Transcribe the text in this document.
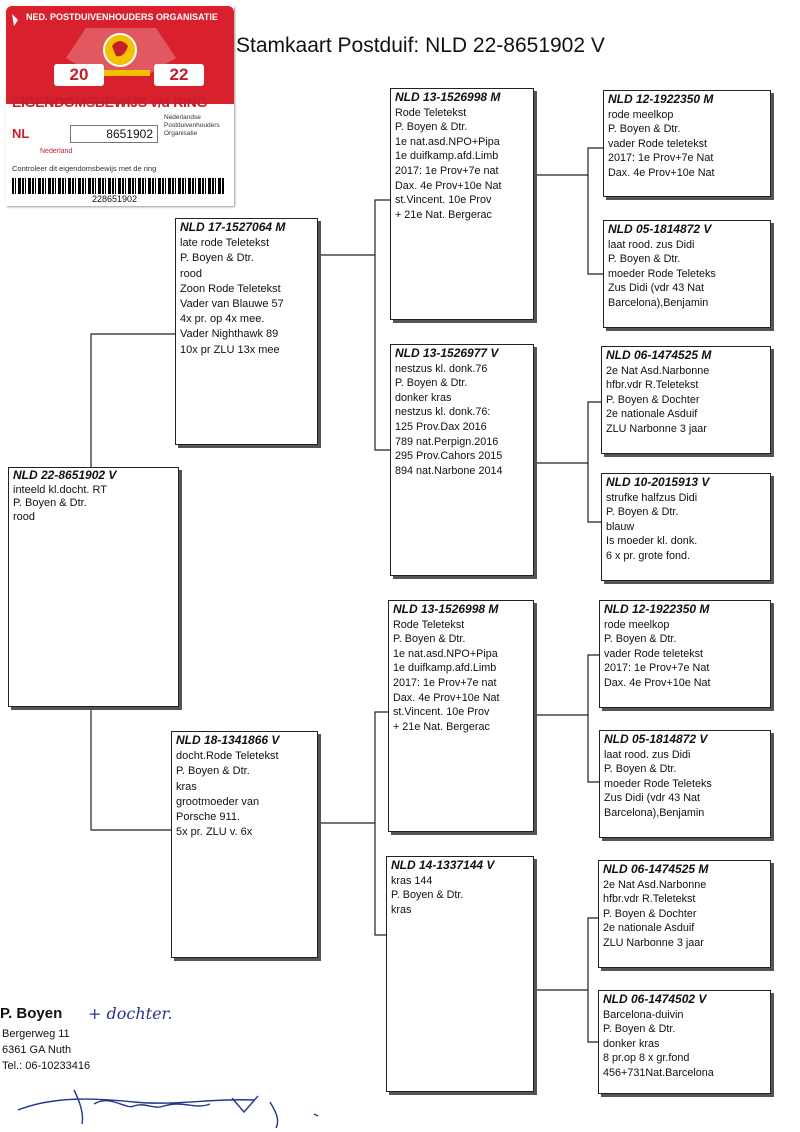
Stamkaart Postduif: NLD 22-8651902 V
NED. POSTDUIVENHOUDERS ORGANISATIE
20	22
EIGENDOMSBEWIJS v/d RING
NL	8651902
Nederland
Nederlandse
Postduivenhouders
Organisatie
Controleer dit eigendomsbewijs met de ring
228651902
NLD 22-8651902 V
inteeld kl.docht. RT
P. Boyen & Dtr.
rood
NLD 17-1527064 M
late rode Teletekst
P. Boyen & Dtr.
rood
Zoon Rode Teletekst
Vader van Blauwe 57
4x pr. op 4x mee.
Vader Nighthawk 89
10x pr ZLU 13x mee
NLD 18-1341866 V
docht.Rode Teletekst
P. Boyen & Dtr.
kras
grootmoeder van
Porsche 911.
5x pr. ZLU v. 6x
NLD 13-1526998 M
Rode Teletekst
P. Boyen & Dtr.
1e nat.asd.NPO+Pipa
1e duifkamp.afd.Limb
2017: 1e Prov+7e nat
Dax. 4e Prov+10e Nat
st.Vincent. 10e Prov
+ 21e Nat. Bergerac
NLD 13-1526977 V
nestzus kl. donk.76
P. Boyen & Dtr.
donker kras
nestzus kl. donk.76:
125 Prov.Dax 2016
789 nat.Perpign.2016
295 Prov.Cahors 2015
894 nat.Narbone 2014
NLD 13-1526998 M
Rode Teletekst
P. Boyen & Dtr.
1e nat.asd.NPO+Pipa
1e duifkamp.afd.Limb
2017: 1e Prov+7e nat
Dax. 4e Prov+10e Nat
st.Vincent. 10e Prov
+ 21e Nat. Bergerac
NLD 14-1337144 V
kras 144
P. Boyen & Dtr.
kras
NLD 12-1922350 M
rode meelkop
P. Boyen & Dtr.
vader Rode teletekst
2017: 1e Prov+7e Nat
Dax. 4e Prov+10e Nat
NLD 05-1814872 V
laat rood. zus Didi
P. Boyen & Dtr.
moeder Rode Teleteks
Zus Didi (vdr 43 Nat
Barcelona),Benjamin
NLD 06-1474525 M
2e Nat Asd.Narbonne
hfbr.vdr R.Teletekst
P. Boyen & Dochter
2e nationale Asduif
ZLU Narbonne 3 jaar
NLD 10-2015913 V
strufke halfzus Didi
P. Boyen & Dtr.
blauw
Is moeder kl. donk.
6 x pr. grote fond.
NLD 12-1922350 M
rode meelkop
P. Boyen & Dtr.
vader Rode teletekst
2017: 1e Prov+7e Nat
Dax. 4e Prov+10e Nat
NLD 05-1814872 V
laat rood. zus Didi
P. Boyen & Dtr.
moeder Rode Teleteks
Zus Didi (vdr 43 Nat
Barcelona),Benjamin
NLD 06-1474525 M
2e Nat Asd.Narbonne
hfbr.vdr R.Teletekst
P. Boyen & Dochter
2e nationale Asduif
ZLU Narbonne 3 jaar
NLD 06-1474502 V
Barcelona-duivin
P. Boyen & Dtr.
donker kras
8 pr.op 8 x gr.fond
456+731Nat.Barcelona
P. Boyen + dochter.
Bergerweg 11
6361 GA Nuth
Tel.: 06-10233416
